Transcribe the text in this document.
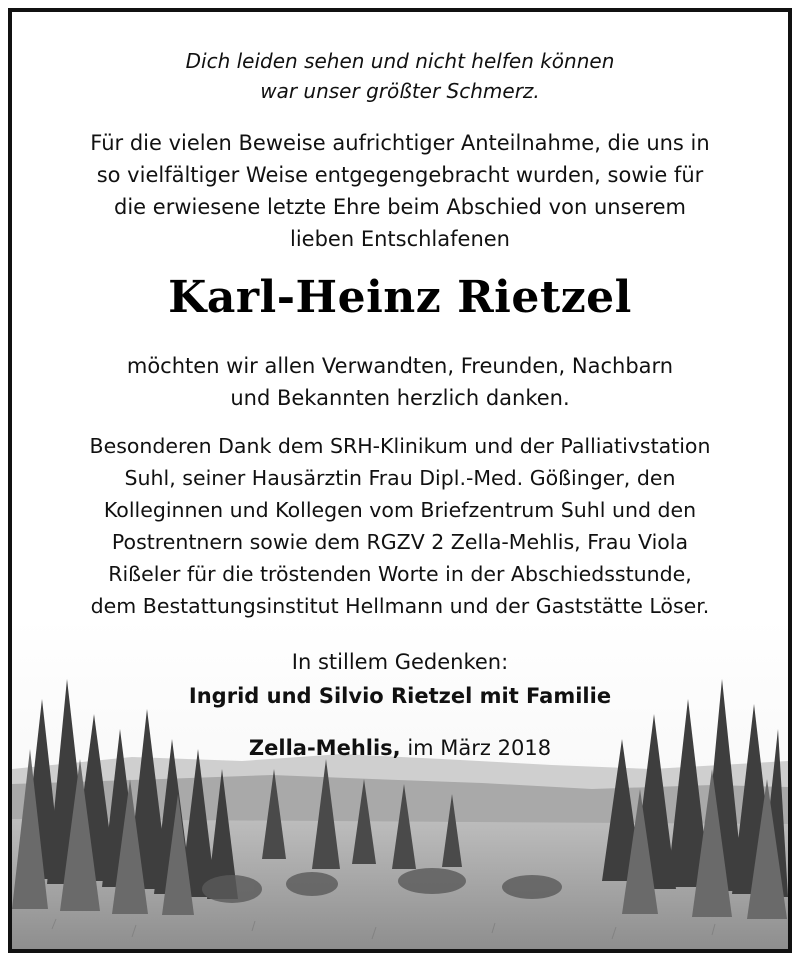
Dich leiden sehen und nicht helfen können
war unser größter Schmerz.
Für die vielen Beweise aufrichtiger Anteilnahme, die uns in
so vielfältiger Weise entgegengebracht wurden, sowie für
die erwiesene letzte Ehre beim Abschied von unserem
lieben Entschlafenen
Karl-Heinz Rietzel
möchten wir allen Verwandten, Freunden, Nachbarn
und Bekannten herzlich danken.
Besonderen Dank dem SRH-Klinikum und der Palliativstation
Suhl, seiner Hausärztin Frau Dipl.-Med. Gößinger, den
Kolleginnen und Kollegen vom Briefzentrum Suhl und den
Postrentnern sowie dem RGZV 2 Zella-Mehlis, Frau Viola
Rißeler für die tröstenden Worte in der Abschiedsstunde,
dem Bestattungsinstitut Hellmann und der Gaststätte Löser.
In stillem Gedenken:
Ingrid und Silvio Rietzel mit Familie
Zella-Mehlis, im März 2018
